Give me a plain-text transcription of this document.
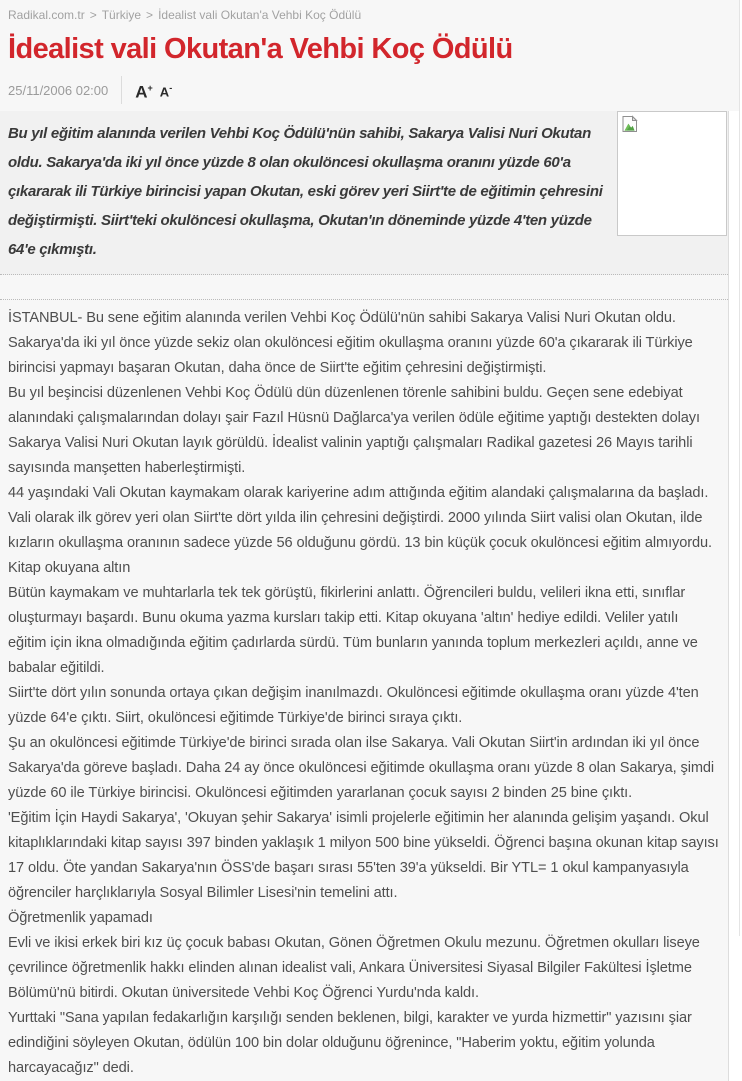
Radikal.com.tr > Türkiye > İdealist vali Okutan'a Vehbi Koç Ödülü
İdealist vali Okutan'a Vehbi Koç Ödülü
25/11/2006 02:00 A+ A-
Bu yıl eğitim alanında verilen Vehbi Koç Ödülü'nün sahibi, Sakarya Valisi Nuri Okutan oldu. Sakarya'da iki yıl önce yüzde 8 olan okulöncesi okullaşma oranını yüzde 60'a çıkararak ili Türkiye birincisi yapan Okutan, eski görev yeri Siirt'te de eğitimin çehresini değiştirmişti. Siirt'teki okulöncesi okullaşma, Okutan'ın döneminde yüzde 4'ten yüzde 64'e çıkmıştı.

İSTANBUL- Bu sene eğitim alanında verilen Vehbi Koç Ödülü'nün sahibi Sakarya Valisi Nuri Okutan oldu. Sakarya'da iki yıl önce yüzde sekiz olan okulöncesi eğitim okullaşma oranını yüzde 60'a çıkararak ili Türkiye birincisi yapmayı başaran Okutan, daha önce de Siirt'te eğitim çehresini değiştirmişti.

Bu yıl beşincisi düzenlenen Vehbi Koç Ödülü dün düzenlenen törenle sahibini buldu. Geçen sene edebiyat alanındaki çalışmalarından dolayı şair Fazıl Hüsnü Dağlarca'ya verilen ödüle eğitime yaptığı destekten dolayı Sakarya Valisi Nuri Okutan layık görüldü. İdealist valinin yaptığı çalışmaları Radikal gazetesi 26 Mayıs tarihli sayısında manşetten haberleştirmişti.

44 yaşındaki Vali Okutan kaymakam olarak kariyerine adım attığında eğitim alandaki çalışmalarına da başladı. Vali olarak ilk görev yeri olan Siirt'te dört yılda ilin çehresini değiştirdi. 2000 yılında Siirt valisi olan Okutan, ilde kızların okullaşma oranının sadece yüzde 56 olduğunu gördü. 13 bin küçük çocuk okulöncesi eğitim almıyordu.

Kitap okuyana altın

Bütün kaymakam ve muhtarlarla tek tek görüştü, fikirlerini anlattı. Öğrencileri buldu, velileri ikna etti, sınıflar oluşturmayı başardı. Bunu okuma yazma kursları takip etti. Kitap okuyana 'altın' hediye edildi. Veliler yatılı eğitim için ikna olmadığında eğitim çadırlarda sürdü. Tüm bunların yanında toplum merkezleri açıldı, anne ve babalar eğitildi.

Siirt'te dört yılın sonunda ortaya çıkan değişim inanılmazdı. Okulöncesi eğitimde okullaşma oranı yüzde 4'ten yüzde 64'e çıktı. Siirt, okulöncesi eğitimde Türkiye'de birinci sıraya çıktı.

Şu an okulöncesi eğitimde Türkiye'de birinci sırada olan ilse Sakarya. Vali Okutan Siirt'in ardından iki yıl önce Sakarya'da göreve başladı. Daha 24 ay önce okulöncesi eğitimde okullaşma oranı yüzde 8 olan Sakarya, şimdi yüzde 60 ile Türkiye birincisi. Okulöncesi eğitimden yararlanan çocuk sayısı 2 binden 25 bine çıktı.

'Eğitim İçin Haydi Sakarya', 'Okuyan şehir Sakarya' isimli projelerle eğitimin her alanında gelişim yaşandı. Okul kitaplıklarındaki kitap sayısı 397 binden yaklaşık 1 milyon 500 bine yükseldi. Öğrenci başına okunan kitap sayısı 17 oldu. Öte yandan Sakarya'nın ÖSS'de başarı sırası 55'ten 39'a yükseldi. Bir YTL= 1 okul kampanyasıyla öğrenciler harçlıklarıyla Sosyal Bilimler Lisesi'nin temelini attı.

Öğretmenlik yapamadı

Evli ve ikisi erkek biri kız üç çocuk babası Okutan, Gönen Öğretmen Okulu mezunu. Öğretmen okulları liseye çevrilince öğretmenlik hakkı elinden alınan idealist vali, Ankara Üniversitesi Siyasal Bilgiler Fakültesi İşletme Bölümü'nü bitirdi. Okutan üniversitede Vehbi Koç Öğrenci Yurdu'nda kaldı.

Yurttaki "Sana yapılan fedakarlığın karşılığı senden beklenen, bilgi, karakter ve yurda hizmettir" yazısını şiar edindiğini söyleyen Okutan, ödülün 100 bin dolar olduğunu öğrenince, "Haberim yoktu, eğitim yolunda harcayacağız" dedi.
